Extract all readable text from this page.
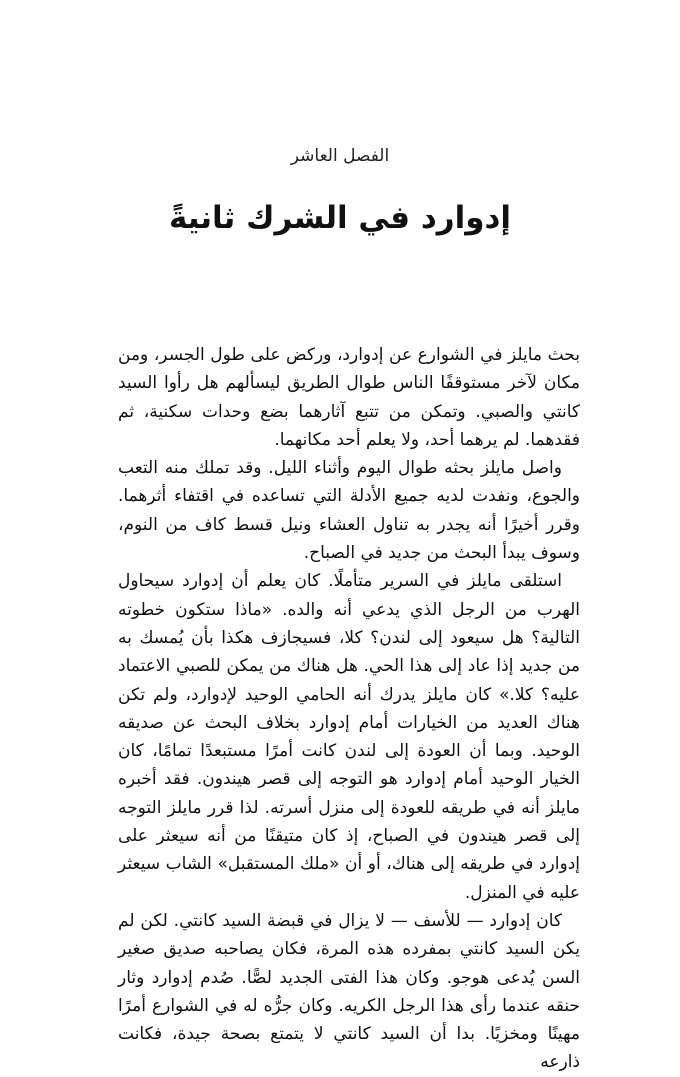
الفصل العاشر
إدوارد في الشرك ثانيةً

بحث مايلز في الشوارع عن إدوارد، وركض على طول الجسر، ومن مكان لآخر مستوقفًا الناس طوال الطريق ليسألهم هل رأوا السيد كانتي والصبي. وتمكن من تتبع آثارهما بضع وحدات سكنية، ثم فقدهما. لم يرهما أحد، ولا يعلم أحد مكانهما.

واصل مايلز بحثه طوال اليوم وأثناء الليل. وقد تملك منه التعب والجوع، ونفدت لديه جميع الأدلة التي تساعده في اقتفاء أثرهما. وقرر أخيرًا أنه يجدر به تناول العشاء ونيل قسط كاف من النوم، وسوف يبدأ البحث من جديد في الصباح.

استلقى مايلز في السرير متأملًا. كان يعلم أن إدوارد سيحاول الهرب من الرجل الذي يدعي أنه والده. «ماذا ستكون خطوته التالية؟ هل سيعود إلى لندن؟ كلا، فسيجازف هكذا بأن يُمسك به من جديد إذا عاد إلى هذا الحي. هل هناك من يمكن للصبي الاعتماد عليه؟ كلا.» كان مايلز يدرك أنه الحامي الوحيد لإدوارد، ولم تكن هناك العديد من الخيارات أمام إدوارد بخلاف البحث عن صديقه الوحيد. وبما أن العودة إلى لندن كانت أمرًا مستبعدًا تمامًا، كان الخيار الوحيد أمام إدوارد هو التوجه إلى قصر هيندون. فقد أخبره مايلز أنه في طريقه للعودة إلى منزل أسرته. لذا قرر مايلز التوجه إلى قصر هيندون في الصباح، إذ كان متيقنًا من أنه سيعثر على إدوارد في طريقه إلى هناك، أو أن «ملك المستقبل» الشاب سيعثر عليه في المنزل.

كان إدوارد — للأسف — لا يزال في قبضة السيد كانتي. لكن لم يكن السيد كانتي بمفرده هذه المرة، فكان يصاحبه صديق صغير السن يُدعى هوجو. وكان هذا الفتى الجديد لصًّا. صُدم إدوارد وثار حنقه عندما رأى هذا الرجل الكريه. وكان جرُّه له في الشوارع أمرًا مهينًا ومخزيًا. بدا أن السيد كانتي لا يتمتع بصحة جيدة، فكانت ذارعه
